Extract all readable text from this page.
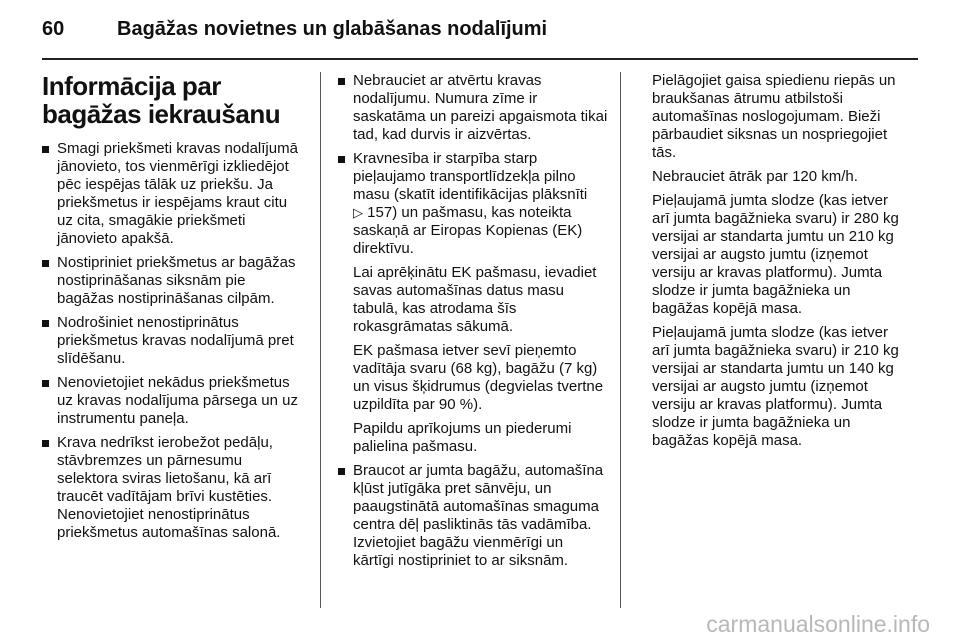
60	Bagāžas novietnes un glabāšanas nodalījumi
Informācija par bagāžas iekraušanu
Smagi priekšmeti kravas nodalījumā jānovieto, tos vienmērīgi izkliedējot pēc iespējas tālāk uz priekšu. Ja priekšmetus ir iespējams kraut citu uz cita, smagākie priekšmeti jānovieto apakšā.
Nostipriniet priekšmetus ar bagāžas nostiprināšanas siksnām pie bagāžas nostiprināšanas cilpām.
Nodrošiniet nenostiprinātus priekšmetus kravas nodalījumā pret slīdēšanu.
Nenovietojiet nekādus priekšmetus uz kravas nodalījuma pārsega un uz instrumentu paneļa.
Krava nedrīkst ierobežot pedāļu, stāvbremzes un pārnesumu selektora sviras lietošanu, kā arī traucēt vadītājam brīvi kustēties. Nenovietojiet nenostiprinātus priekšmetus automašīnas salonā.
Nebrauciet ar atvērtu kravas nodalījumu. Numura zīme ir saskatāma un pareizi apgaismota tikai tad, kad durvis ir aizvērtas.
Kravnesība ir starpība starp pieļaujamo transportlīdzekļa pilno masu (skatīt identifikācijas plāksnīti ▷ 157) un pašmasu, kas noteikta saskaņā ar Eiropas Kopienas (EK) direktīvu.
Lai aprēķinātu EK pašmasu, ievadiet savas automašīnas datus masu tabulā, kas atrodama šīs rokasgrāmatas sākumā.
EK pašmasa ietver sevī pieņemto vadītāja svaru (68 kg), bagāžu (7 kg) un visus šķidrumus (degvielas tvertne uzpildīta par 90 %).
Papildu aprīkojums un piederumi palielina pašmasu.
Braucot ar jumta bagāžu, automašīna kļūst jutīgāka pret sānvēju, un paaugstinātā automašīnas smaguma centra dēļ pasliktinās tās vadāmība. Izvietojiet bagāžu vienmērīgi un kārtīgi nostipriniet to ar siksnām.
Pielāgojiet gaisa spiedienu riepās un braukšanas ātrumu atbilstoši automašīnas noslogojumam. Bieži pārbaudiet siksnas un nospriegojiet tās.
Nebrauciet ātrāk par 120 km/h.
Pieļaujamā jumta slodze (kas ietver arī jumta bagāžnieka svaru) ir 280 kg versijai ar standarta jumtu un 210 kg versijai ar augsto jumtu (izņemot versiju ar kravas platformu). Jumta slodze ir jumta bagāžnieka un bagāžas kopējā masa.
Pieļaujamā jumta slodze (kas ietver arī jumta bagāžnieka svaru) ir 210 kg versijai ar standarta jumtu un 140 kg versijai ar augsto jumtu (izņemot versiju ar kravas platformu). Jumta slodze ir jumta bagāžnieka un bagāžas kopējā masa.
carmanualsonline.info
